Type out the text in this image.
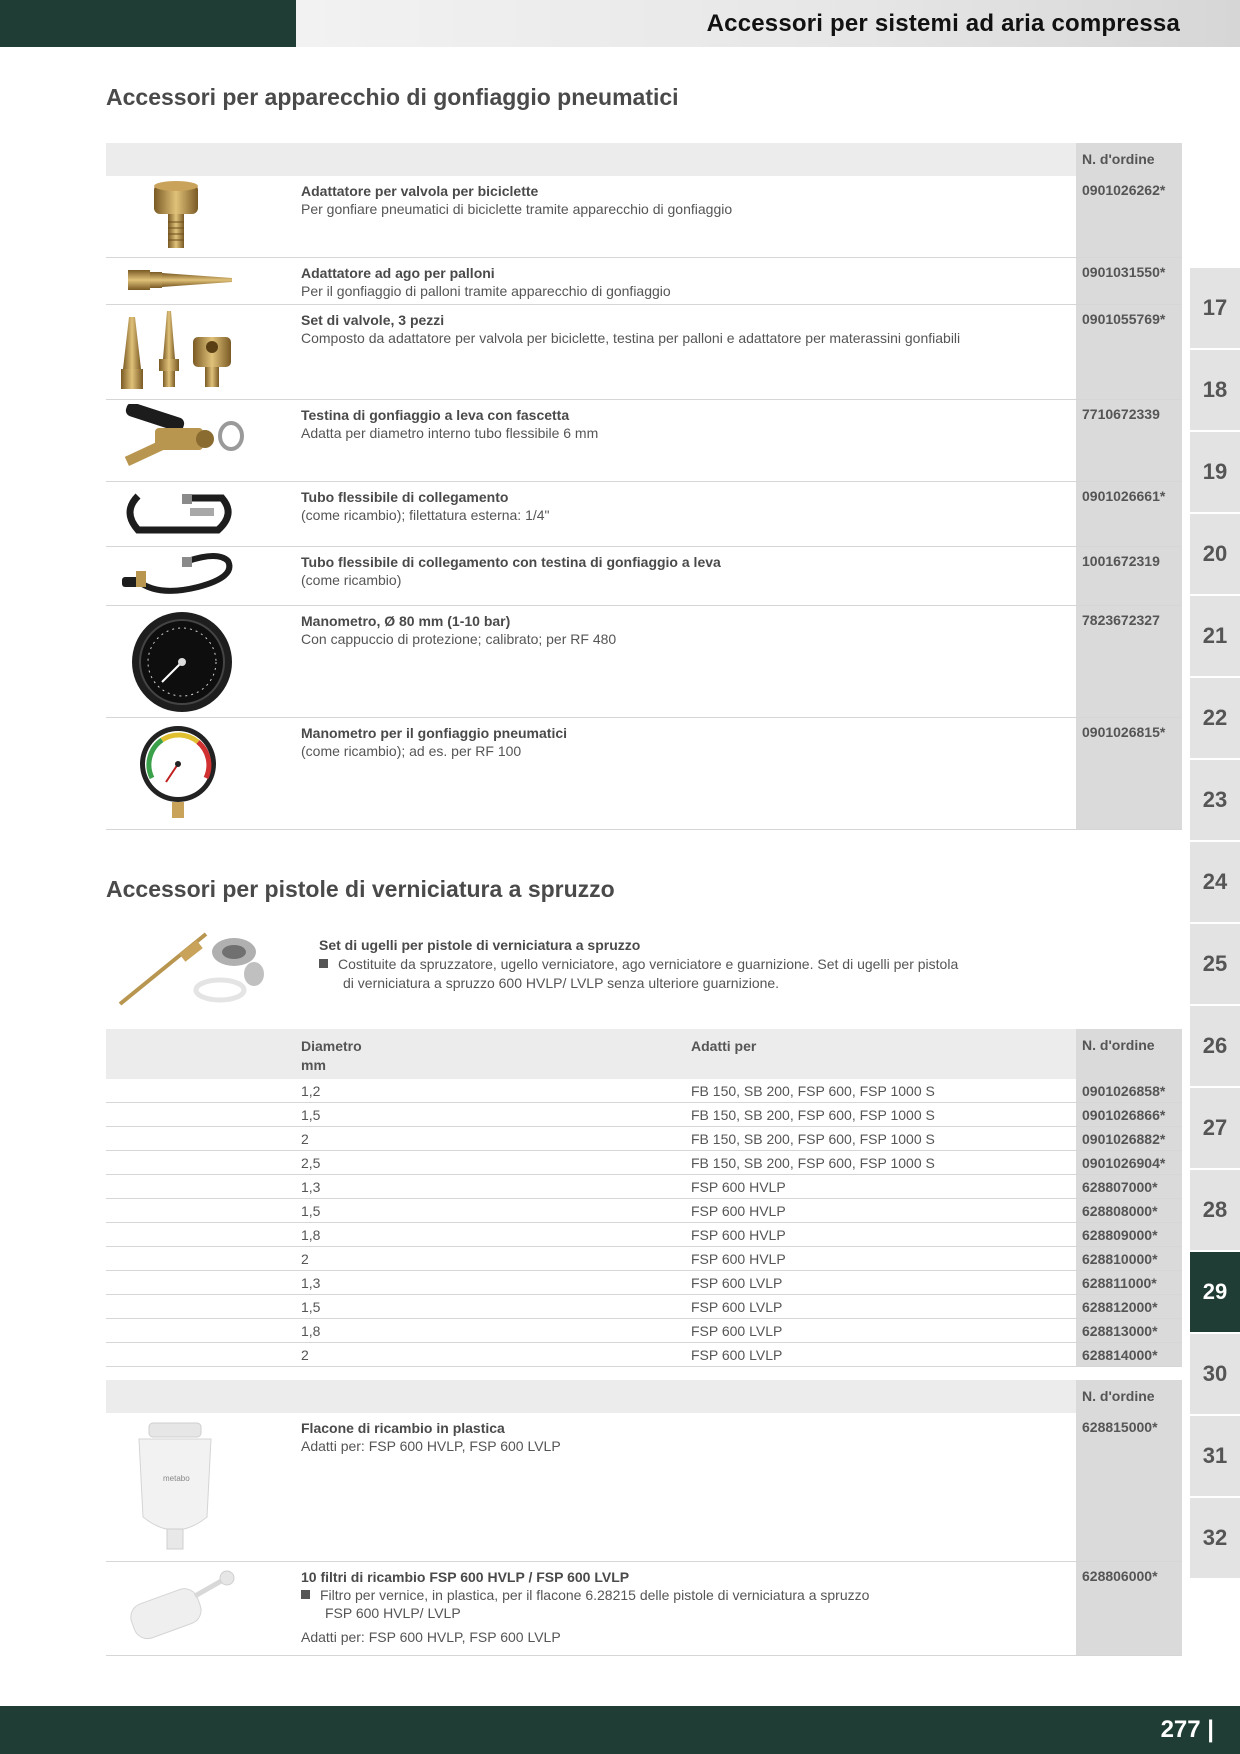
Accessori per sistemi ad aria compressa
Accessori per apparecchio di gonfiaggio pneumatici
N. d'ordine
Adattatore per valvola per biciclette
Per gonfiare pneumatici di biciclette tramite apparecchio di gonfiaggio
0901026262*
Adattatore ad ago per palloni
Per il gonfiaggio di palloni tramite apparecchio di gonfiaggio
0901031550*
Set di valvole, 3 pezzi
Composto da adattatore per valvola per biciclette, testina per palloni e adattatore per materassini gonfiabili
0901055769*
Testina di gonfiaggio a leva con fascetta
Adatta per diametro interno tubo flessibile 6 mm
7710672339
Tubo flessibile di collegamento
(come ricambio); filettatura esterna: 1/4"
0901026661*
Tubo flessibile di collegamento con testina di gonfiaggio a leva
(come ricambio)
1001672319
Manometro, Ø 80 mm (1-10 bar)
Con cappuccio di protezione; calibrato; per RF 480
7823672327
Manometro per il gonfiaggio pneumatici
(come ricambio); ad es. per RF 100
0901026815*
Accessori per pistole di verniciatura a spruzzo
Set di ugelli per pistole di verniciatura a spruzzo
Costituite da spruzzatore, ugello verniciatore, ago verniciatore e guarnizione. Set di ugelli per pistola
di verniciatura a spruzzo 600 HVLP/ LVLP senza ulteriore guarnizione.
Diametro
mm
Adatti per	N. d'ordine
1,2	FB 150, SB 200, FSP 600, FSP 1000 S	0901026858*
1,5	FB 150, SB 200, FSP 600, FSP 1000 S	0901026866*
2	FB 150, SB 200, FSP 600, FSP 1000 S	0901026882*
2,5	FB 150, SB 200, FSP 600, FSP 1000 S	0901026904*
1,3	FSP 600 HVLP	628807000*
1,5	FSP 600 HVLP	628808000*
1,8	FSP 600 HVLP	628809000*
2	FSP 600 HVLP	628810000*
1,3	FSP 600 LVLP	628811000*
1,5	FSP 600 LVLP	628812000*
1,8	FSP 600 LVLP	628813000*
2	FSP 600 LVLP	628814000*
N. d'ordine
metabo
Flacone di ricambio in plastica
Adatti per: FSP 600 HVLP, FSP 600 LVLP
628815000*
10 filtri di ricambio FSP 600 HVLP / FSP 600 LVLP
Filtro per vernice, in plastica, per il flacone 6.28215 delle pistole di verniciatura a spruzzo
FSP 600 HVLP/ LVLP
Adatti per: FSP 600 HVLP, FSP 600 LVLP
628806000*
17
18
19
20
21
22
23
24
25
26
27
28
29
30
31
32
277 |
